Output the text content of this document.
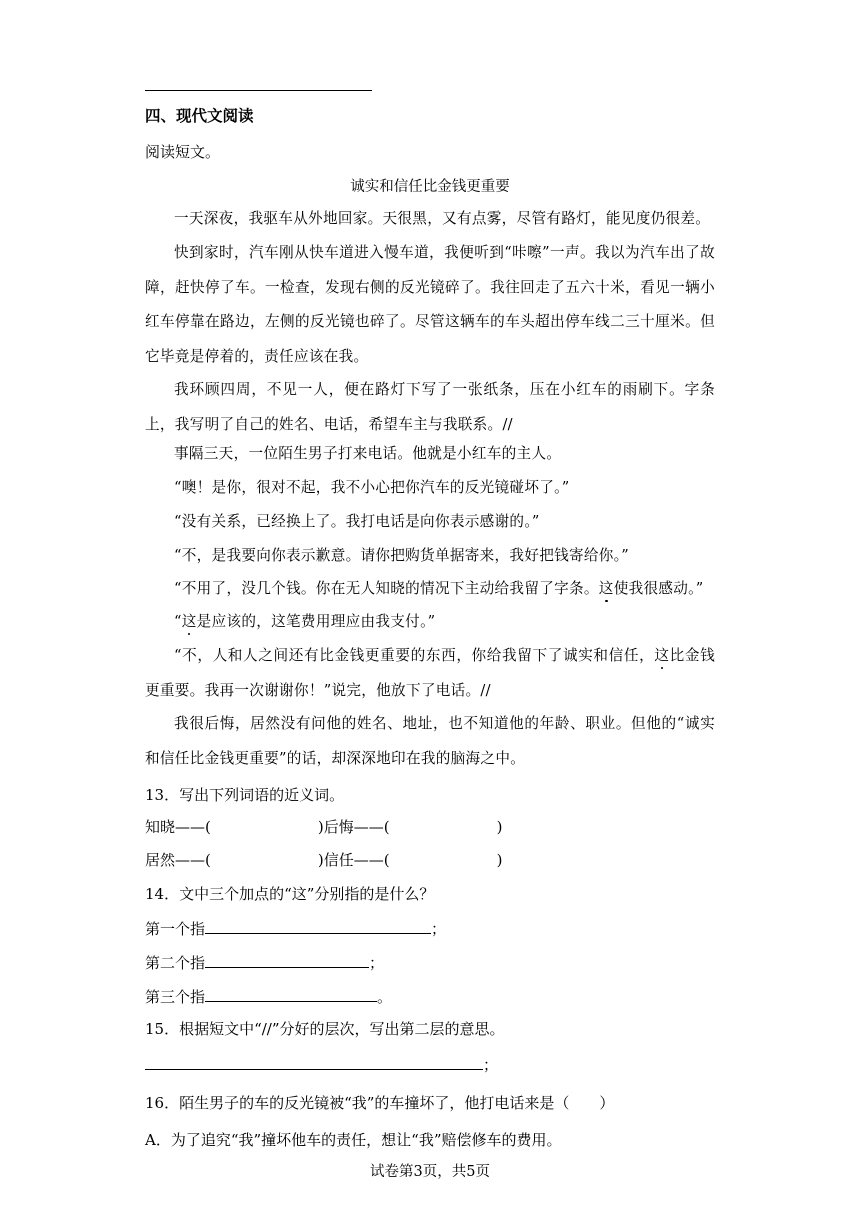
四、现代文阅读
阅读短文。
诚实和信任比金钱更重要
一天深夜，我驱车从外地回家。天很黑，又有点雾，尽管有路灯，能见度仍很差。
快到家时，汽车刚从快车道进入慢车道，我便听到“咔嚓”一声。我以为汽车出了故障，赶快停了车。一检查，发现右侧的反光镜碎了。我往回走了五六十米，看见一辆小红车停靠在路边，左侧的反光镜也碎了。尽管这辆车的车头超出停车线二三十厘米。但它毕竟是停着的，责任应该在我。
我环顾四周，不见一人，便在路灯下写了一张纸条，压在小红车的雨刷下。字条上，我写明了自己的姓名、电话，希望车主与我联系。//
事隔三天，一位陌生男子打来电话。他就是小红车的主人。
“噢！是你，很对不起，我不小心把你汽车的反光镜碰坏了。”
“没有关系，已经换上了。我打电话是向你表示感谢的。”
“不，是我要向你表示歉意。请你把购货单据寄来，我好把钱寄给你。”
“不用了，没几个钱。你在无人知晓的情况下主动给我留了字条。这使我很感动。”
“这是应该的，这笔费用理应由我支付。”
“不，人和人之间还有比金钱更重要的东西，你给我留下了诚实和信任，这比金钱更重要。我再一次谢谢你！”说完，他放下了电话。//
我很后悔，居然没有问他的姓名、地址，也不知道他的年龄、职业。但他的“诚实和信任比金钱更重要”的话，却深深地印在我的脑海之中。
13．写出下列词语的近义词。
知晓——(	)后悔——(	)
居然——(	)信任——(	)
14．文中三个加点的“这”分别指的是什么？
第一个指	；
第二个指	；
第三个指	。
15．根据短文中“//”分好的层次，写出第二层的意思。
；
16．陌生男子的车的反光镜被“我”的车撞坏了，他打电话来是（　　）
A．为了追究“我”撞坏他车的责任，想让“我”赔偿修车的费用。
试卷第3页，共5页
